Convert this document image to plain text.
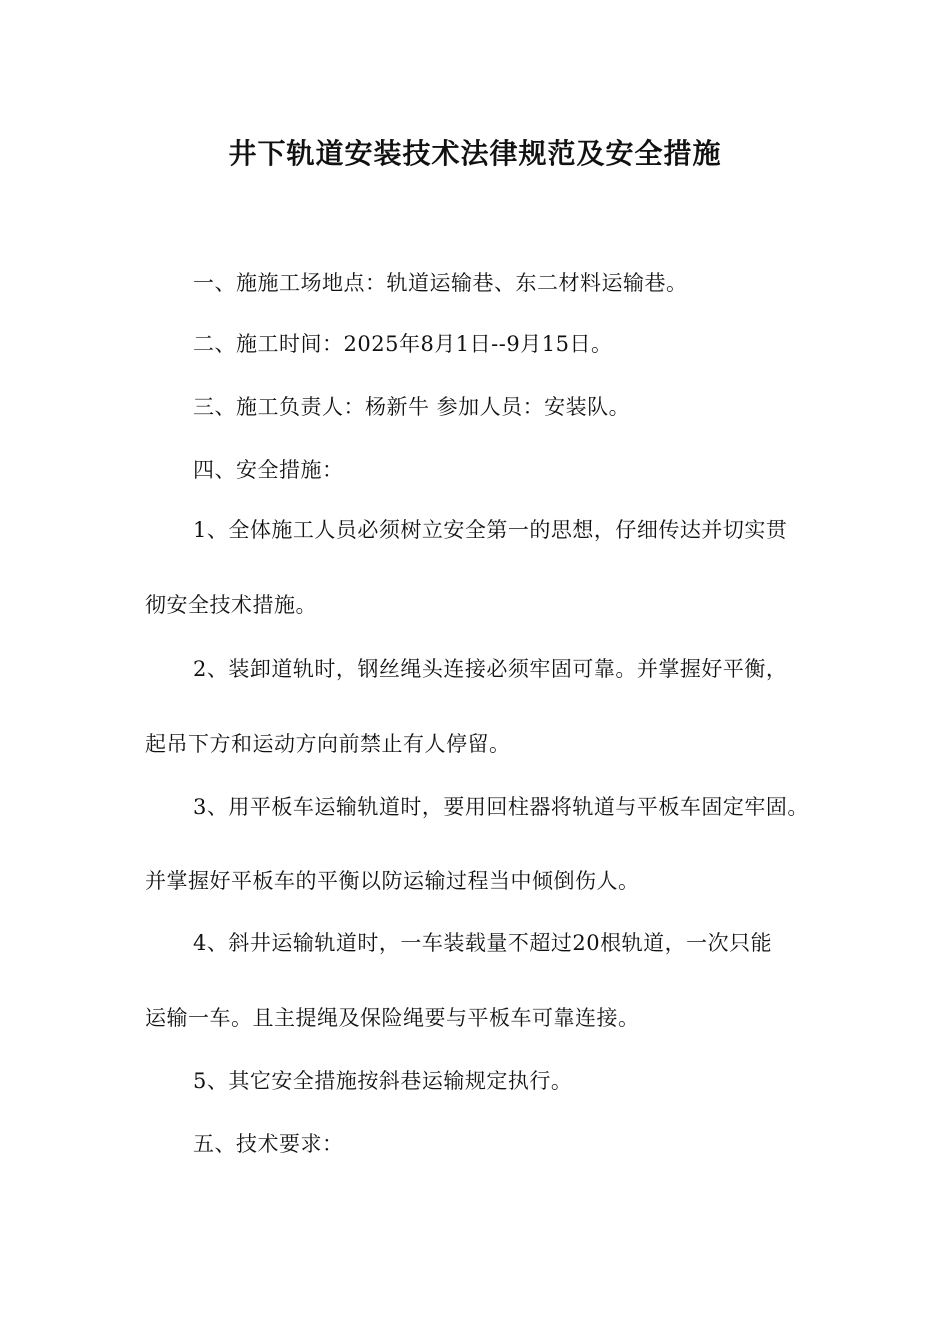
井下轨道安装技术法律规范及安全措施
一、施施工场地点：轨道运输巷、东二材料运输巷。
二、施工时间：2025年8月1日--9月15日。
三、施工负责人：杨新牛 参加人员：安装队。
四、安全措施：
1、全体施工人员必须树立安全第一的思想，仔细传达并切实贯
彻安全技术措施。
2、装卸道轨时，钢丝绳头连接必须牢固可靠。并掌握好平衡，
起吊下方和运动方向前禁止有人停留。
3、用平板车运输轨道时，要用回柱器将轨道与平板车固定牢固。
并掌握好平板车的平衡以防运输过程当中倾倒伤人。
4、斜井运输轨道时，一车装载量不超过20根轨道，一次只能
运输一车。且主提绳及保险绳要与平板车可靠连接。
5、其它安全措施按斜巷运输规定执行。
五、技术要求：
